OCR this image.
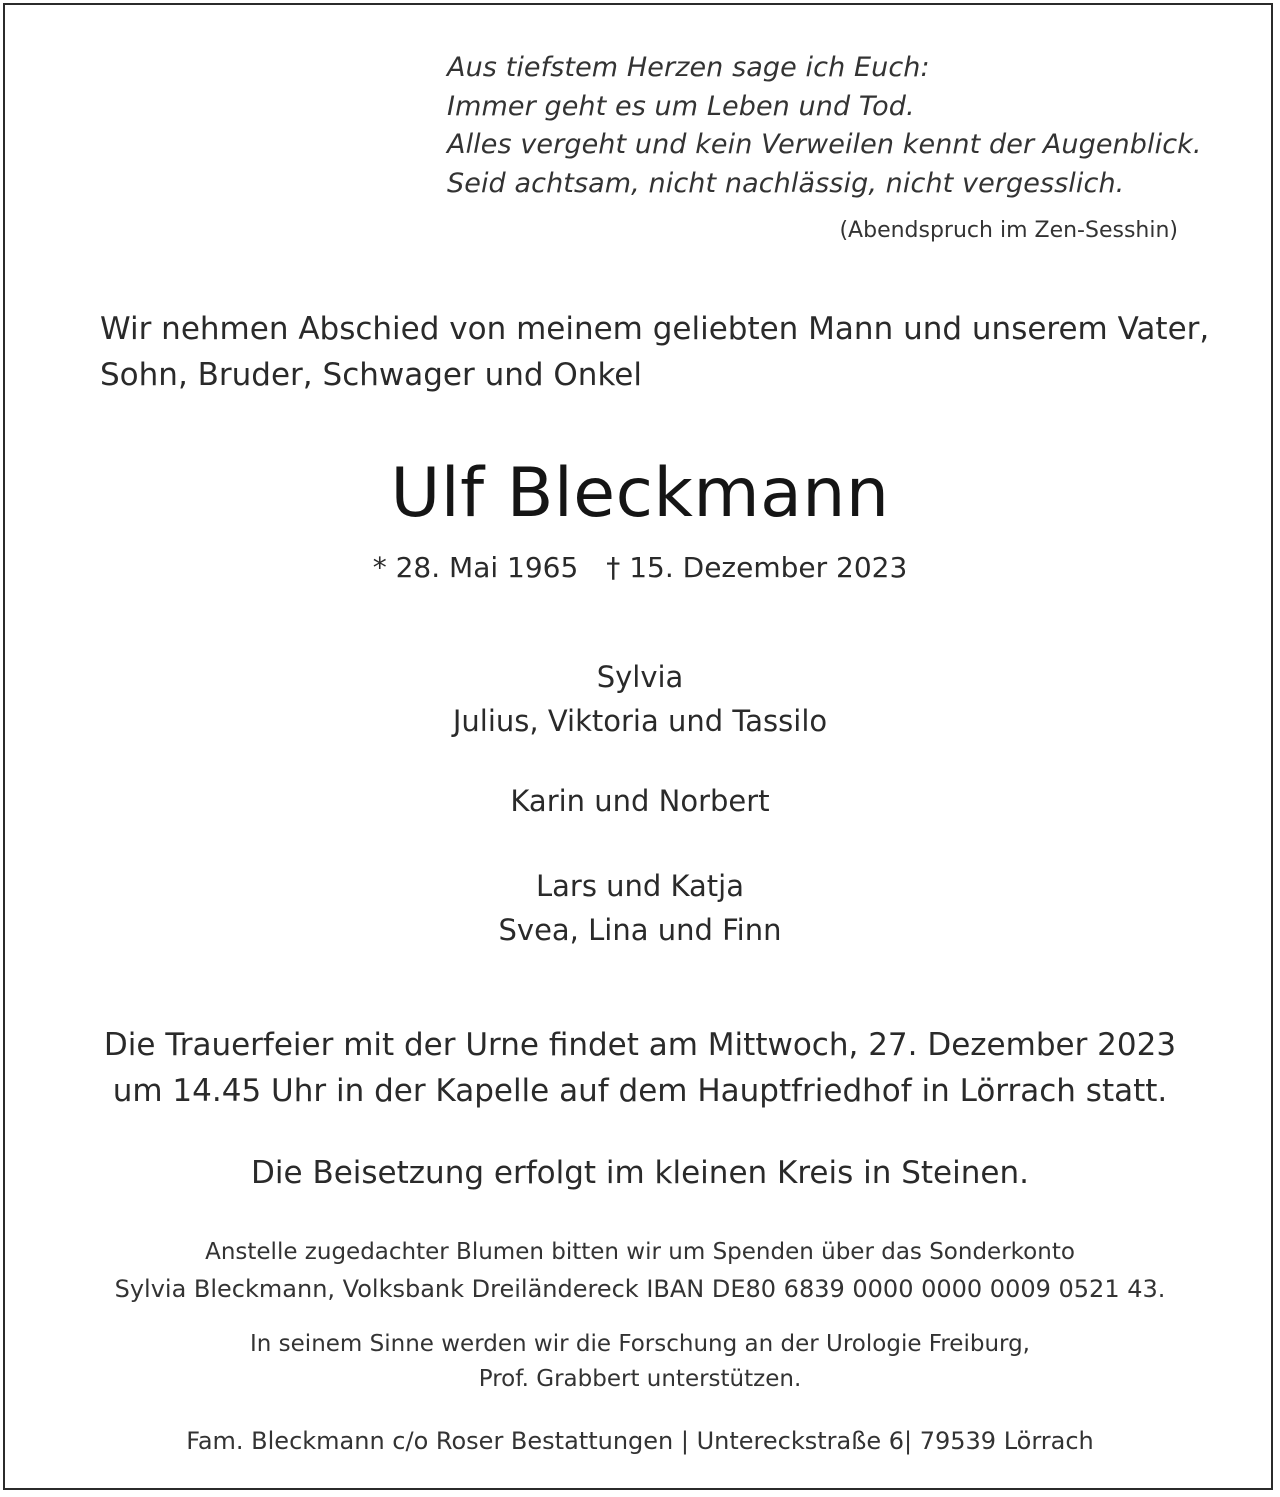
Aus tiefstem Herzen sage ich Euch:
Immer geht es um Leben und Tod.
Alles vergeht und kein Verweilen kennt der Augenblick.
Seid achtsam, nicht nachlässig, nicht vergesslich.
(Abendspruch im Zen-Sesshin)
Wir nehmen Abschied von meinem geliebten Mann und unserem Vater,
Sohn, Bruder, Schwager und Onkel
Ulf Bleckmann
* 28. Mai 1965 † 15. Dezember 2023
Sylvia
Julius, Viktoria und Tassilo
Karin und Norbert
Lars und Katja
Svea, Lina und Finn
Die Trauerfeier mit der Urne findet am Mittwoch, 27. Dezember 2023
um 14.45 Uhr in der Kapelle auf dem Hauptfriedhof in Lörrach statt.
Die Beisetzung erfolgt im kleinen Kreis in Steinen.
Anstelle zugedachter Blumen bitten wir um Spenden über das Sonderkonto
Sylvia Bleckmann, Volksbank Dreiländereck IBAN DE80 6839 0000 0000 0009 0521 43.
In seinem Sinne werden wir die Forschung an der Urologie Freiburg,
Prof. Grabbert unterstützen.
Fam. Bleckmann c/o Roser Bestattungen | Untereckstraße 6| 79539 Lörrach
